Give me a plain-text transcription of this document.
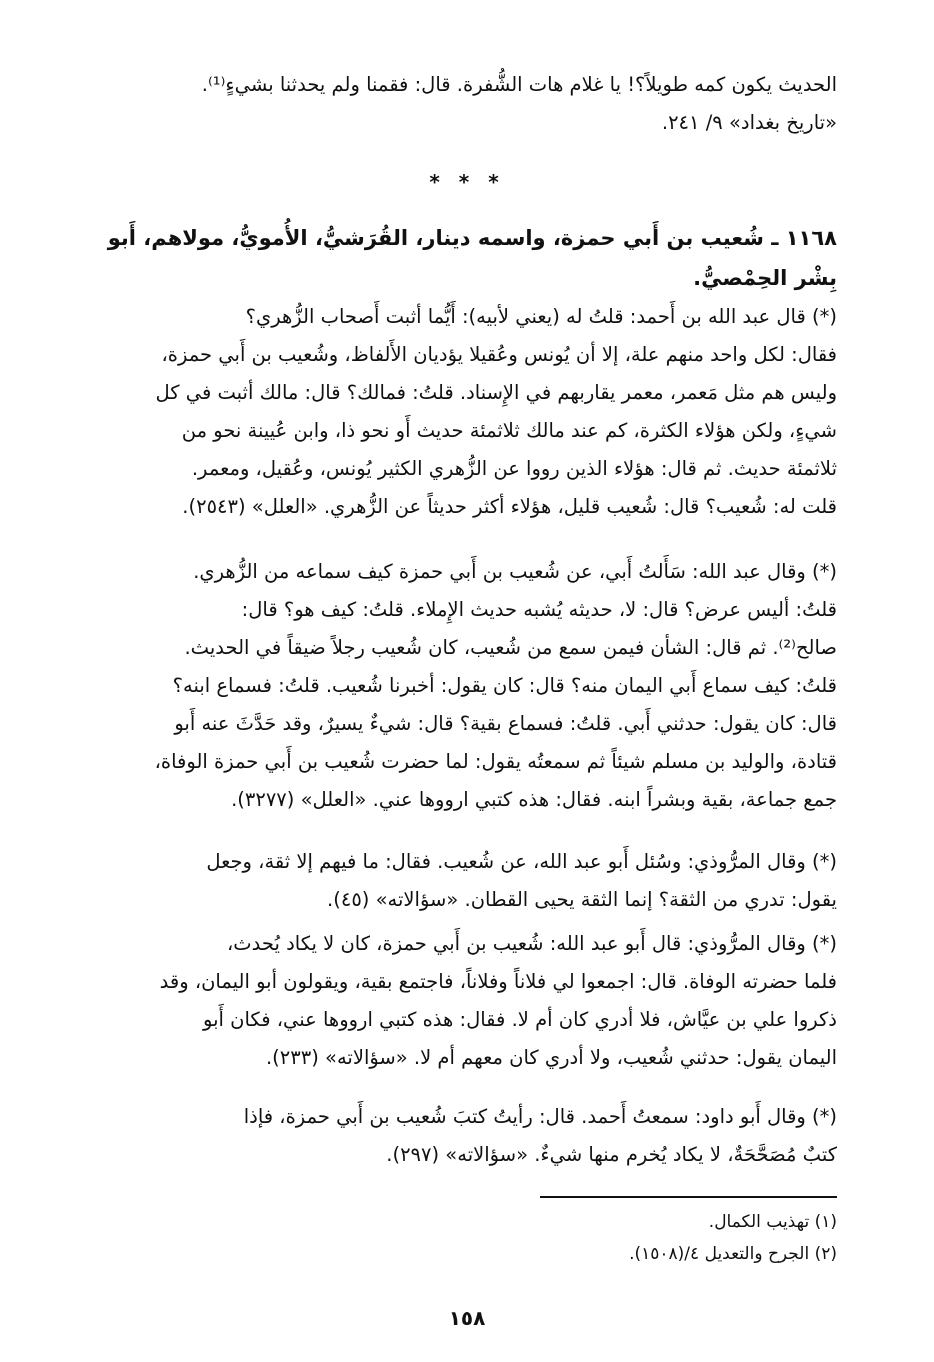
الحديث يكون كمه طويلاً؟! يا غلام هات الشُّفرة. قال: فقمنا ولم يحدثنا بشيءٍ⁽¹⁾.
«تاريخ بغداد» ٩/ ٢٤١.
* * *
١١٦٨ ـ شُعيب بن أَبي حمزة، واسمه دينار، القُرَشيُّ، الأُمويُّ، مولاهم، أَبو بِشْر الحِمْصيُّ.
(*) قال عبد الله بن أَحمد: قلتُ له (يعني لأبيه): أَيُّما أثبت أَصحاب الزُّهري؟
فقال: لكل واحد منهم علة، إلا أن يُونس وعُقيلا يؤديان الأَلفاظ، وشُعيب بن أَبي حمزة،
وليس هم مثل مَعمر، معمر يقاربهم في الإِسناد. قلتُ: فمالك؟ قال: مالك أثبت في كل
شيءٍ، ولكن هؤلاء الكثرة، كم عند مالك ثلاثمئة حديث أَو نحو ذا، وابن عُيينة نحو من
ثلاثمئة حديث. ثم قال: هؤلاء الذين رووا عن الزُّهري الكثير يُونس، وعُقيل، ومعمر.
قلت له: شُعيب؟ قال: شُعيب قليل، هؤلاء أكثر حديثاً عن الزُّهري. «العلل» (٢٥٤٣).
(*) وقال عبد الله: سَأَلتُ أَبي، عن شُعيب بن أَبي حمزة كيف سماعه من الزُّهري.
قلتُ: أليس عرض؟ قال: لا، حديثه يُشبه حديث الإِملاء. قلتُ: كيف هو؟ قال:
صالح⁽²⁾. ثم قال: الشأن فيمن سمع من شُعيب، كان شُعيب رجلاً ضيقاً في الحديث.
قلتُ: كيف سماع أَبي اليمان منه؟ قال: كان يقول: أخبرنا شُعيب. قلتُ: فسماع ابنه؟
قال: كان يقول: حدثني أَبي. قلتُ: فسماع بقية؟ قال: شيءٌ يسيرٌ، وقد حَدَّثَ عنه أَبو
قتادة، والوليد بن مسلم شيئاً ثم سمعتُه يقول: لما حضرت شُعيب بن أَبي حمزة الوفاة،
جمع جماعة، بقية وبشراً ابنه. فقال: هذه كتبي ارووها عني. «العلل» (٣٢٧٧).
(*) وقال المرُّوذي: وسُئل أَبو عبد الله، عن شُعيب. فقال: ما فيهم إلا ثقة، وجعل
يقول: تدري من الثقة؟ إنما الثقة يحيى القطان. «سؤالاته» (٤٥).
(*) وقال المرُّوذي: قال أَبو عبد الله: شُعيب بن أَبي حمزة، كان لا يكاد يُحدث،
فلما حضرته الوفاة. قال: اجمعوا لي فلاناً وفلاناً، فاجتمع بقية، ويقولون أبو اليمان، وقد
ذكروا علي بن عيَّاش، فلا أدري كان أم لا. فقال: هذه كتبي ارووها عني، فكان أَبو
اليمان يقول: حدثني شُعيب، ولا أدري كان معهم أم لا. «سؤالاته» (٢٣٣).
(*) وقال أَبو داود: سمعتُ أَحمد. قال: رأيتُ كتبَ شُعيب بن أَبي حمزة، فإذا
كتبٌ مُصَحَّحَةٌ، لا يكاد يُخرم منها شيءٌ. «سؤالاته» (٢٩٧).
(١) تهذيب الكمال.
(٢) الجرح والتعديل ٤/(١٥٠٨).
١٥٨
